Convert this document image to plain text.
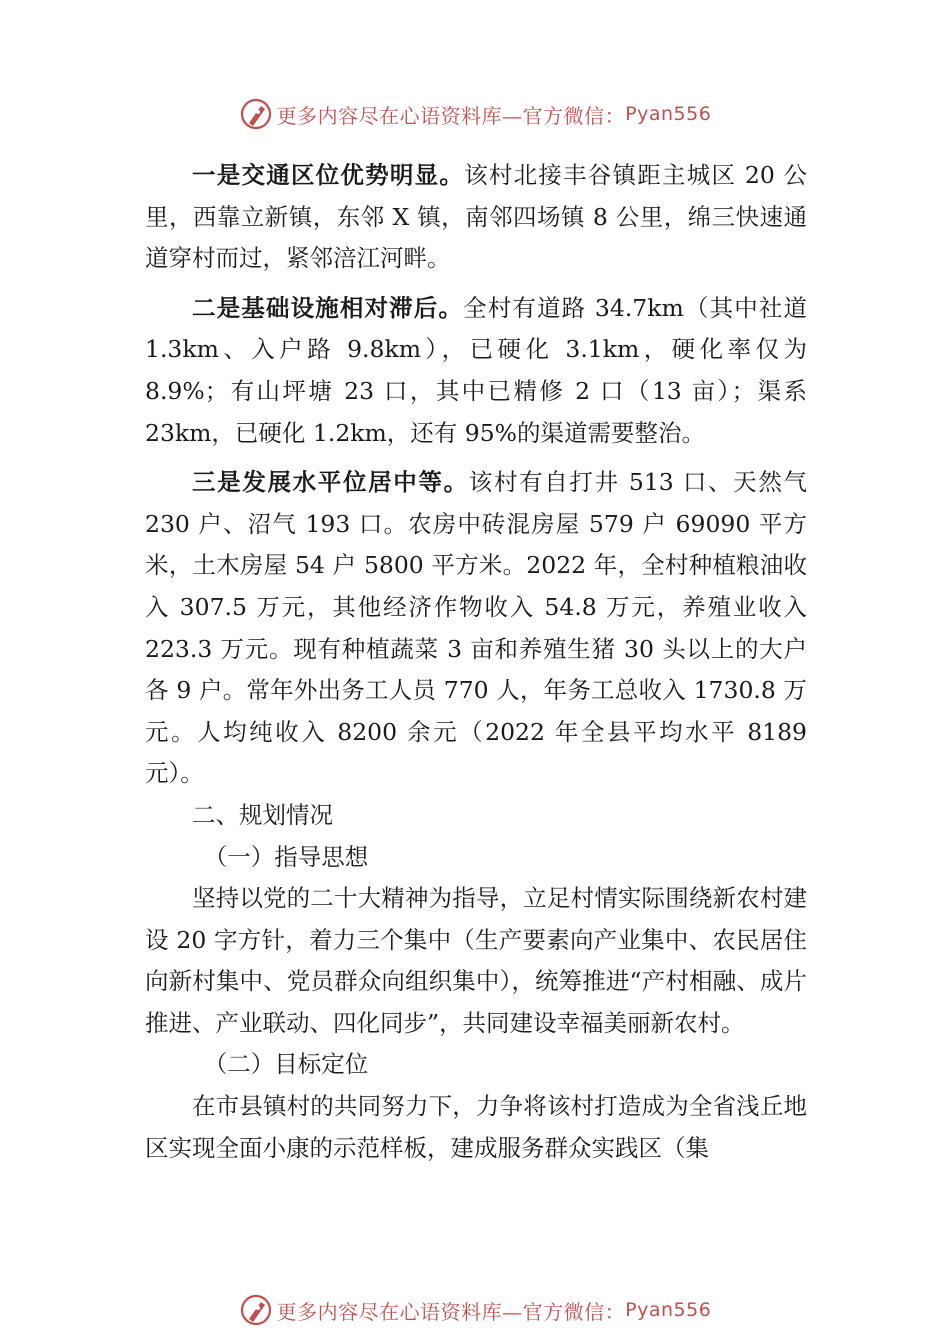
更多内容尽在心语资料库—官方微信： Pyan556

一是交通区位优势明显。该村北接丰谷镇距主城区 20 公里，西靠立新镇，东邻 X 镇，南邻四场镇 8 公里，绵三快速通道穿村而过，紧邻涪江河畔。

二是基础设施相对滞后。全村有道路 34.7km（其中社道 1.3km、入户路 9.8km），已硬化 3.1km，硬化率仅为 8.9%；有山坪塘 23 口，其中已精修 2 口（13 亩）；渠系 23km，已硬化 1.2km，还有 95%的渠道需要整治。

三是发展水平位居中等。该村有自打井 513 口、天然气 230 户、沼气 193 口。农房中砖混房屋 579 户 69090 平方米，土木房屋 54 户 5800 平方米。2022 年，全村种植粮油收入 307.5 万元，其他经济作物收入 54.8 万元，养殖业收入 223.3 万元。现有种植蔬菜 3 亩和养殖生猪 30 头以上的大户各 9 户。常年外出务工人员 770 人，年务工总收入 1730.8 万元。人均纯收入 8200 余元（2022 年全县平均水平 8189 元）。

二、规划情况

（一）指导思想

坚持以党的二十大精神为指导，立足村情实际围绕新农村建设 20 字方针，着力三个集中（生产要素向产业集中、农民居住向新村集中、党员群众向组织集中），统筹推进“产村相融、成片推进、产业联动、四化同步”，共同建设幸福美丽新农村。

（二）目标定位

在市县镇村的共同努力下，力争将该村打造成为全省浅丘地区实现全面小康的示范样板，建成服务群众实践区（集

更多内容尽在心语资料库—官方微信： Pyan556
